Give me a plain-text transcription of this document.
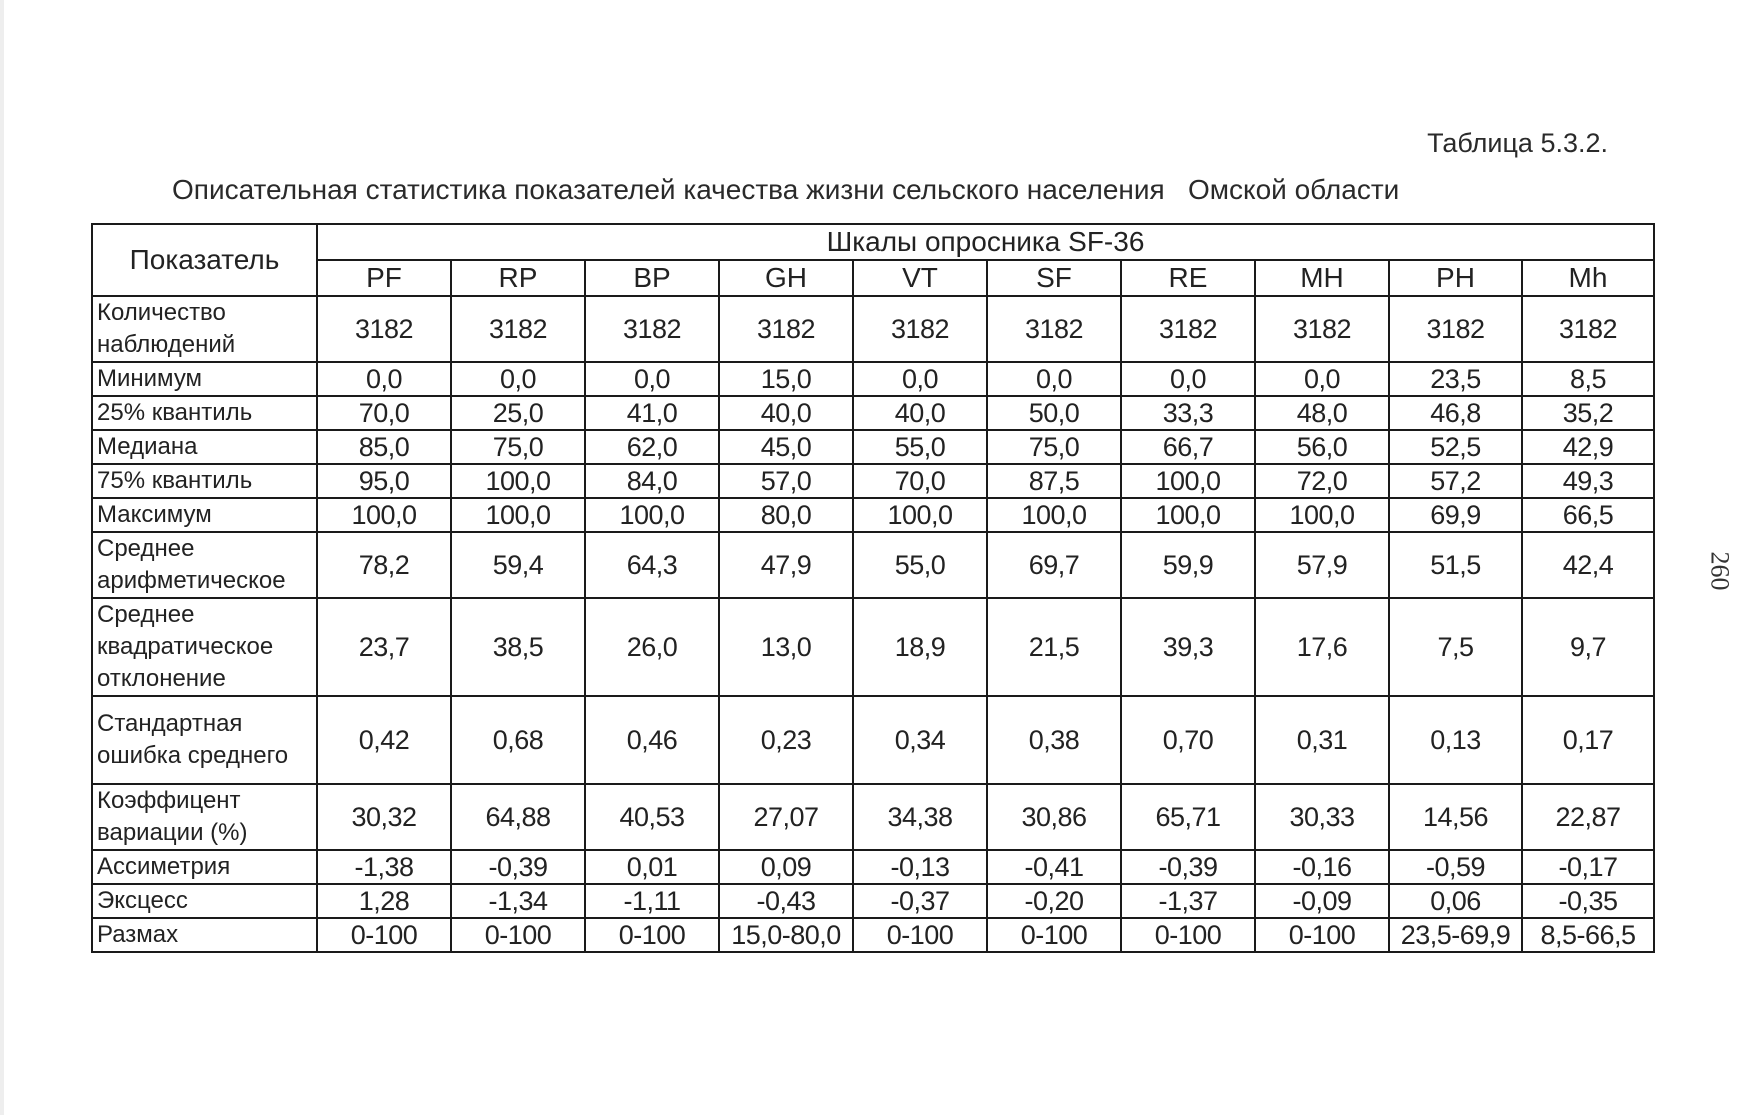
Таблица 5.3.2.
Описательная статистика показателей качества жизни сельского населения   Омской области
260
Показатель	Шкалы опросника SF-36									
	PF	RP	BP	GH	VT	SF	RE	MH	PH	Mh
Количество наблюдений	3182	3182	3182	3182	3182	3182	3182	3182	3182	3182
Минимум	0,0	0,0	0,0	15,0	0,0	0,0	0,0	0,0	23,5	8,5
25% квантиль	70,0	25,0	41,0	40,0	40,0	50,0	33,3	48,0	46,8	35,2
Медиана	85,0	75,0	62,0	45,0	55,0	75,0	66,7	56,0	52,5	42,9
75% квантиль	95,0	100,0	84,0	57,0	70,0	87,5	100,0	72,0	57,2	49,3
Максимум	100,0	100,0	100,0	80,0	100,0	100,0	100,0	100,0	69,9	66,5
Среднее арифметическое	78,2	59,4	64,3	47,9	55,0	69,7	59,9	57,9	51,5	42,4
Среднее квадратическое отклонение	23,7	38,5	26,0	13,0	18,9	21,5	39,3	17,6	7,5	9,7
Стандартная ошибка среднего	0,42	0,68	0,46	0,23	0,34	0,38	0,70	0,31	0,13	0,17
Коэффицент вариации (%)	30,32	64,88	40,53	27,07	34,38	30,86	65,71	30,33	14,56	22,87
Ассиметрия	-1,38	-0,39	0,01	0,09	-0,13	-0,41	-0,39	-0,16	-0,59	-0,17
Эксцесс	1,28	-1,34	-1,11	-0,43	-0,37	-0,20	-1,37	-0,09	0,06	-0,35
Размах	0-100	0-100	0-100	15,0-80,0	0-100	0-100	0-100	0-100	23,5-69,9	8,5-66,5
